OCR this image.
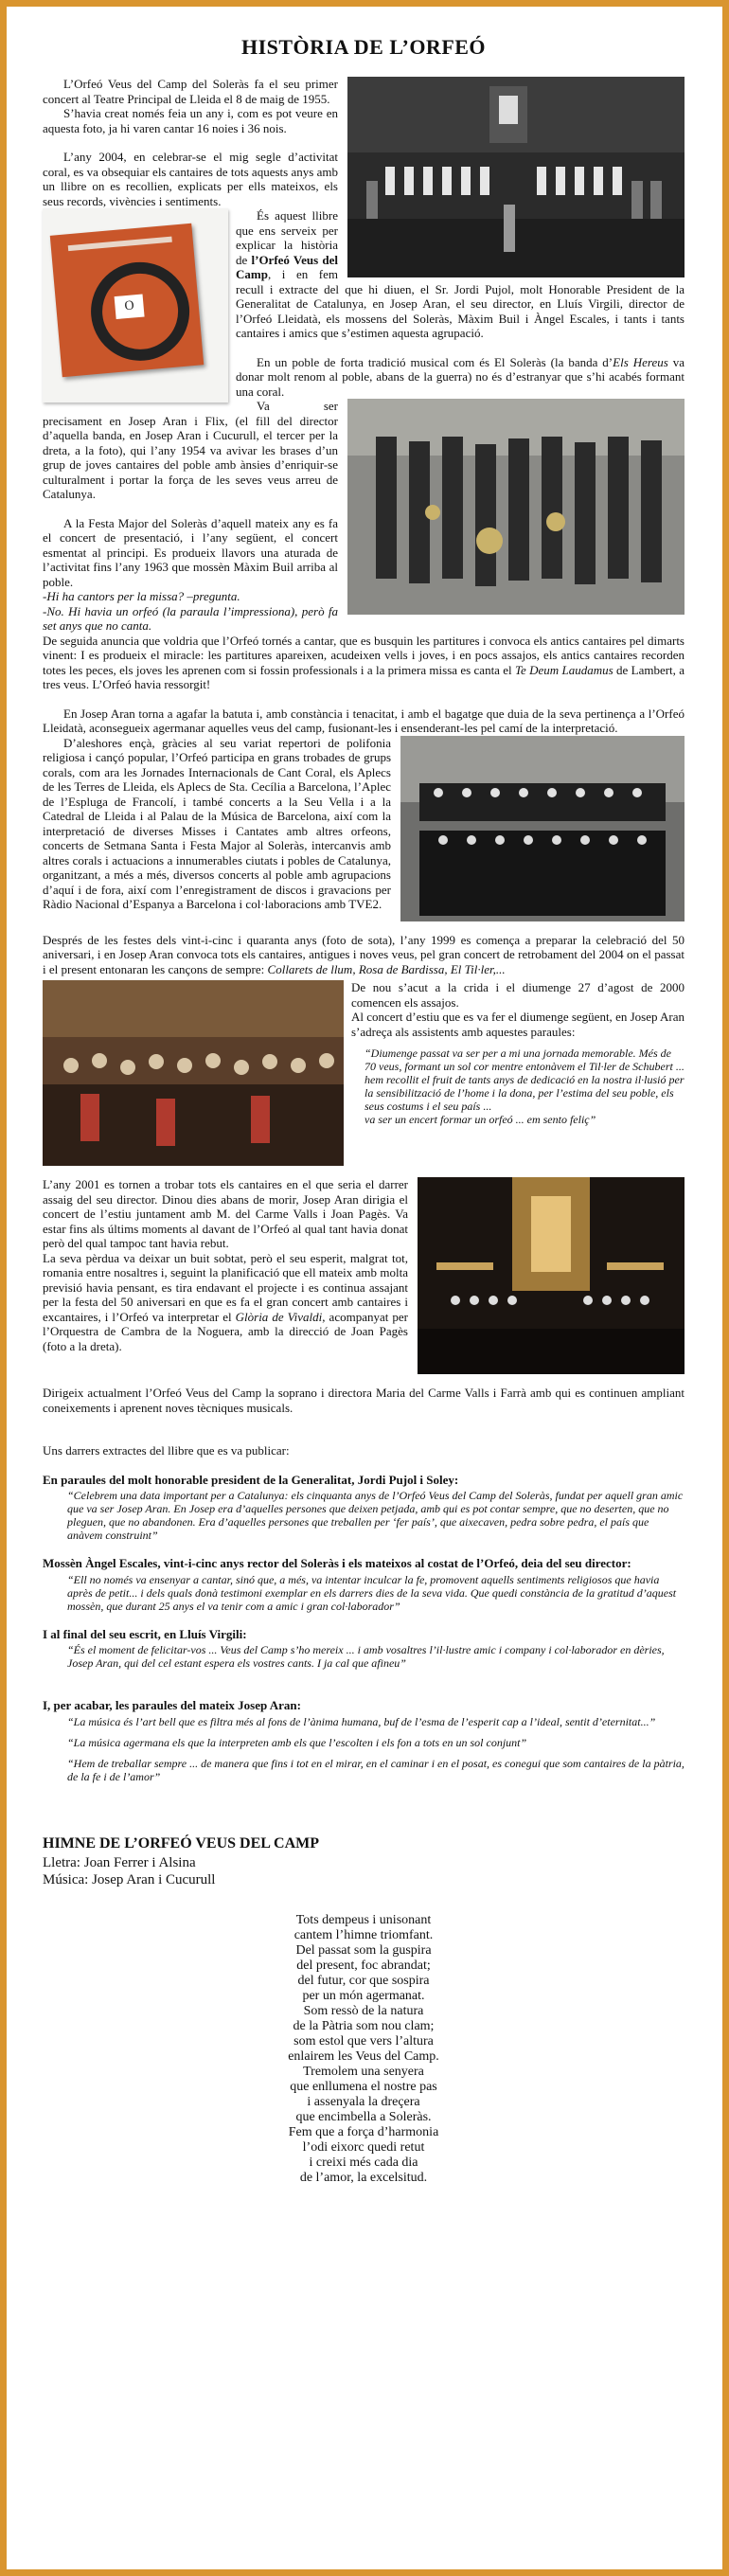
HISTÒRIA DE L’ORFEÓ

L’Orfeó Veus del Camp del Soleràs fa el seu primer concert al Teatre Principal de Lleida el 8 de maig de 1955.

S’havia creat només feia un any i, com es pot veure en aquesta foto, ja hi varen cantar 16 noies i 36 nois.

L’any 2004, en celebrar-se el mig segle d’activitat coral, es va obsequiar els cantaires de tots aquests anys amb un llibre on es recollien, explicats per ells mateixos, els seus records, vivències i sentiments.

O

És aquest llibre que ens serveix per explicar la història de l’Orfeó Veus del Camp, i en fem recull i extracte del que hi diuen, el Sr. Jordi Pujol, molt Honorable President de la Generalitat de Catalunya, en Josep Aran, el seu director, en Lluís Virgili, director de l’Orfeó Lleidatà, els mossens del Soleràs, Màxim Buil i Àngel Escales, i tants i tants cantaires i amics que s’estimen aquesta agrupació.

En un poble de forta tradició musical com és El Soleràs (la banda d’Els Hereus va donar molt renom al poble, abans de la guerra) no és d’estranyar que s’hi acabés formant una coral.

Va ser precisament en Josep Aran i Flix, (el fill del director d’aquella banda, en Josep Aran i Cucurull, el tercer per la dreta, a la foto), qui l’any 1954 va avivar les brases d’un grup de joves cantaires del poble amb ànsies d’enriquir-se culturalment i portar la força de les seves veus arreu de Catalunya.

A la Festa Major del Soleràs d’aquell mateix any es fa el concert de presentació, i l’any següent, el concert esmentat al principi. Es produeix llavors una aturada de l’activitat fins l’any 1963 que mossèn Màxim Buil arriba al poble.

-Hi ha cantors per la missa? –pregunta.

-No. Hi havia un orfeó (la paraula l’impressiona), però fa set anys que no canta.

De seguida anuncia que voldria que l’Orfeó tornés a cantar, que es busquin les partitures i convoca els antics cantaires pel dimarts vinent: I es produeix el miracle: les partitures apareixen, acudeixen vells i joves, i en pocs assajos, els antics cantaires recorden totes les peces, els joves les aprenen com si fossin professionals i a la primera missa es canta el Te Deum Laudamus de Lambert, a tres veus. L’Orfeó havia ressorgit!

En Josep Aran torna a agafar la batuta i, amb constància i tenacitat, i amb el bagatge que duia de la seva pertinença a l’Orfeó Lleidatà, aconsegueix agermanar aquelles veus del camp, fusionant-les i ensenderant-les pel camí de la interpretació.

D’aleshores ençà, gràcies al seu variat repertori de polifonia religiosa i cançó popular, l’Orfeó participa en grans trobades de grups corals, com ara les Jornades Internacionals de Cant Coral, els Aplecs de les Terres de Lleida, els Aplecs de Sta. Cecília a Barcelona, l’Aplec de l’Espluga de Francolí, i també concerts a la Seu Vella i a la Catedral de Lleida i al Palau de la Música de Barcelona, així com la interpretació de diverses Misses i Cantates amb altres orfeons, concerts de Setmana Santa i Festa Major al Soleràs, intercanvis amb altres corals i actuacions a innumerables ciutats i pobles de Catalunya, organitzant, a més a més, diversos concerts al poble amb agrupacions d’aquí i de fora, així com l’enregistrament de discos i gravacions per Ràdio Nacional d’Espanya a Barcelona i col·laboracions amb TVE2.

Després de les festes dels vint-i-cinc i quaranta anys (foto de sota), l’any 1999 es comença a preparar la celebració del 50 aniversari, i en Josep Aran convoca tots els cantaires, antigues i noves veus, pel gran concert de retrobament del 2004 on el passat i el present entonaran les cançons de sempre: Collarets de llum, Rosa de Bardissa, El Til·ler,...

De nou s’acut a la crida i el diumenge 27 d’agost de 2000 comencen els assajos.

Al concert d’estiu que es va fer el diumenge següent, en Josep Aran s’adreça als assistents amb aquestes paraules:

“Diumenge passat va ser per a mi una jornada memorable. Més de 70 veus, formant un sol cor mentre entonàvem el Til·ler de Schubert ...

hem recollit el fruit de tants anys de dedicació en la nostra il·lusió per la sensibilització de l’home i la dona, per l’estima del seu poble, els seus costums i el seu país ...

va ser un encert formar un orfeó ... em sento feliç”

L’any 2001 es tornen a trobar tots els cantaires en el que seria el darrer assaig del seu director. Dinou dies abans de morir, Josep Aran dirigia el concert de l’estiu juntament amb M. del Carme Valls i Joan Pagès. Va estar fins als últims moments al davant de l’Orfeó al qual tant havia donat però del qual tampoc tant havia rebut.

La seva pèrdua va deixar un buit sobtat, però el seu esperit, malgrat tot, romania entre nosaltres i, seguint la planificació que ell mateix amb molta previsió havia pensant, es tira endavant el projecte i es continua assajant per la festa del 50 aniversari en que es fa el gran concert amb cantaires i excantaires, i l’Orfeó va interpretar el Glòria de Vivaldi, acompanyat per l’Orquestra de Cambra de la Noguera, amb la direcció de Joan Pagès (foto a la dreta).

Dirigeix actualment l’Orfeó Veus del Camp la soprano i directora Maria del Carme Valls i Farrà amb qui es continuen ampliant coneixements i aprenent noves tècniques musicals.

Uns darrers extractes del llibre que es va publicar:

En paraules del molt honorable president de la Generalitat, Jordi Pujol i Soley:

“Celebrem una data important per a Catalunya: els cinquanta anys de l’Orfeó Veus del Camp del Soleràs, fundat per aquell gran amic que va ser Josep Aran. En Josep era d’aquelles persones que deixen petjada, amb qui es pot contar sempre, que no deserten, que no pleguen, que no abandonen. Era d’aquelles persones que treballen per ‘fer país’, que aixecaven, pedra sobre pedra, el país que anàvem construint”

Mossèn Àngel Escales, vint-i-cinc anys rector del Soleràs i els mateixos al costat de l’Orfeó, deia del seu director:

“Ell no només va ensenyar a cantar, sinó que, a més, va intentar inculcar la fe, promovent aquells sentiments religiosos que havia après de petit... i dels quals donà testimoni exemplar en els darrers dies de la seva vida. Que quedi constància de la gratitud d’aquest mossèn, que durant 25 anys el va tenir com a amic i gran col·laborador”

I al final del seu escrit, en Lluís Virgili:

“És el moment de felicitar-vos ... Veus del Camp s’ho mereix ... i amb vosaltres l’il·lustre amic i company i col·laborador en dèries, Josep Aran, qui del cel estant espera els vostres cants. I ja cal que afineu”

I, per acabar, les paraules del mateix Josep Aran:

“La música és l’art bell que es filtra més al fons de l’ànima humana, buf de l’esma de l’esperit cap a l’ideal, sentit d’eternitat...”

“La música agermana els que la interpreten amb els que l’escolten i els fon a tots en un sol conjunt”

“Hem de treballar sempre ... de manera que fins i tot en el mirar, en el caminar i en el posat, es conegui que som cantaires de la pàtria, de la fe i de l’amor”

HIMNE DE L’ORFEÓ VEUS DEL CAMP

Lletra: Joan Ferrer i Alsina

Música: Josep Aran i Cucurull

Tots dempeus i unisonant

cantem l’himne triomfant.

Del passat som la guspira

del present, foc abrandat;

del futur, cor que sospira

per un món agermanat.

Som ressò de la natura

de la Pàtria som nou clam;

som estol que vers l’altura

enlairem les Veus del Camp.

Tremolem una senyera

que enllumena el nostre pas

i assenyala la dreçera

que encimbella a Soleràs.

Fem que a força d’harmonia

l’odi eixorc quedi retut

i creixi més cada dia

de l’amor, la excelsitud.
